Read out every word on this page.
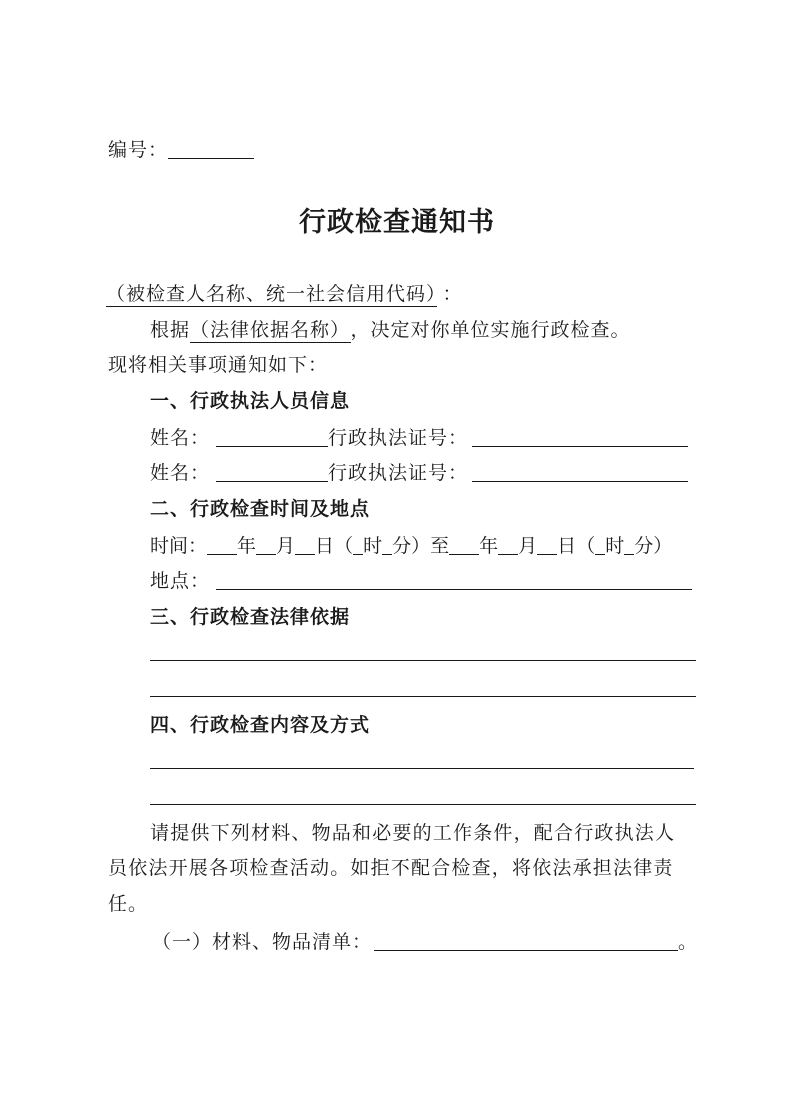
编号：
行政检查通知书
（被检查人名称、统一社会信用代码） ：
根据（法律依据名称） ，决定对你单位实施行政检查。
现将相关事项通知如下：
一、行政执法人员信息
姓名：	行政执法证号：
姓名：	行政执法证号：
二、行政检查时间及地点
时间： 年 月 日（ 时 分）至 年 月 日（ 时 分）
地点：
三、行政检查法律依据
四、行政检查内容及方式
请提供下列材料、物品和必要的工作条件，配合行政执法人
员依法开展各项检查活动。如拒不配合检查，将依法承担法律责
任。
（一）材料、物品清单：	。
